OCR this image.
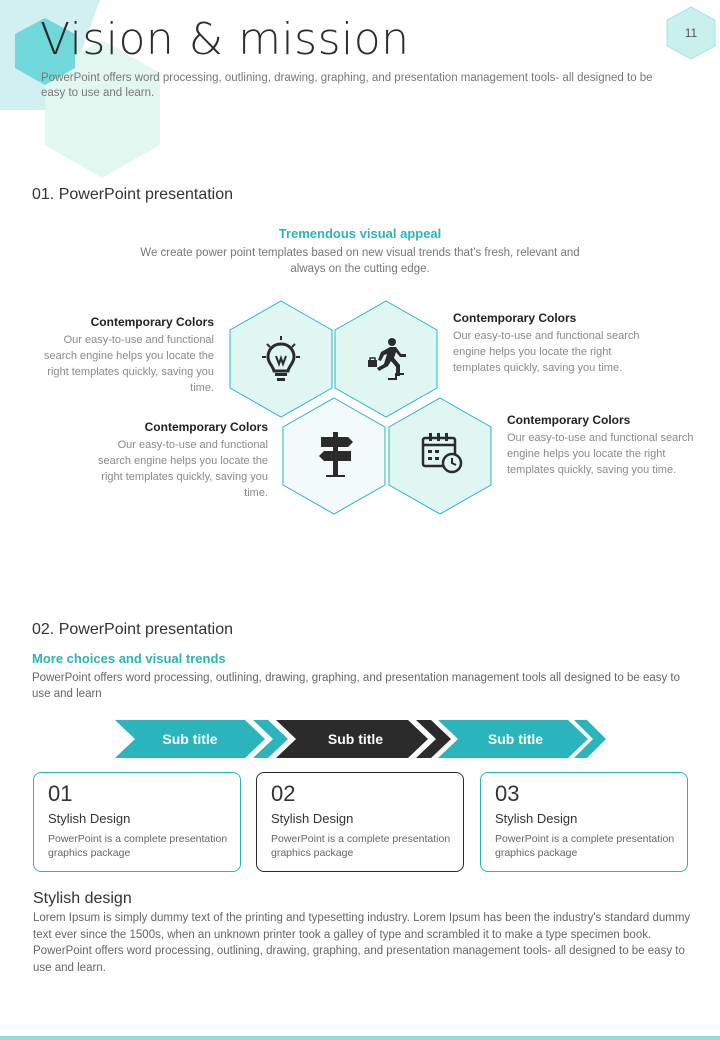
Vision & mission
PowerPoint offers word processing, outlining, drawing, graphing, and presentation management tools- all designed to be easy to use and learn.
11
01. PowerPoint presentation
Tremendous visual appeal
We create power point templates based on new visual trends that’s fresh, relevant and always on the cutting edge.
Contemporary Colors
Our easy-to-use and functional search engine helps you locate the right templates quickly, saving you time.
Contemporary Colors
Our easy-to-use and functional search engine helps you locate the right templates quickly, saving you time.
Contemporary Colors
Our easy-to-use and functional search engine helps you locate the right templates quickly, saving you time.
Contemporary Colors
Our easy-to-use and functional search engine helps you locate the right templates quickly, saving you time.
02. PowerPoint presentation
More choices and visual trends
PowerPoint offers word processing, outlining, drawing, graphing, and presentation management tools all designed to be easy to use and learn
Sub title	Sub title	Sub title
01
Stylish Design
PowerPoint is a complete presentation graphics package
02
Stylish Design
PowerPoint is a complete presentation graphics package
03
Stylish Design
PowerPoint is a complete presentation graphics package
Stylish design
Lorem Ipsum is simply dummy text of the printing and typesetting industry. Lorem Ipsum has been the industry's standard dummy text ever since the 1500s, when an unknown printer took a galley of type and scrambled it to make a type specimen book. PowerPoint offers word processing, outlining, drawing, graphing, and presentation management tools- all designed to be easy to use and learn.
